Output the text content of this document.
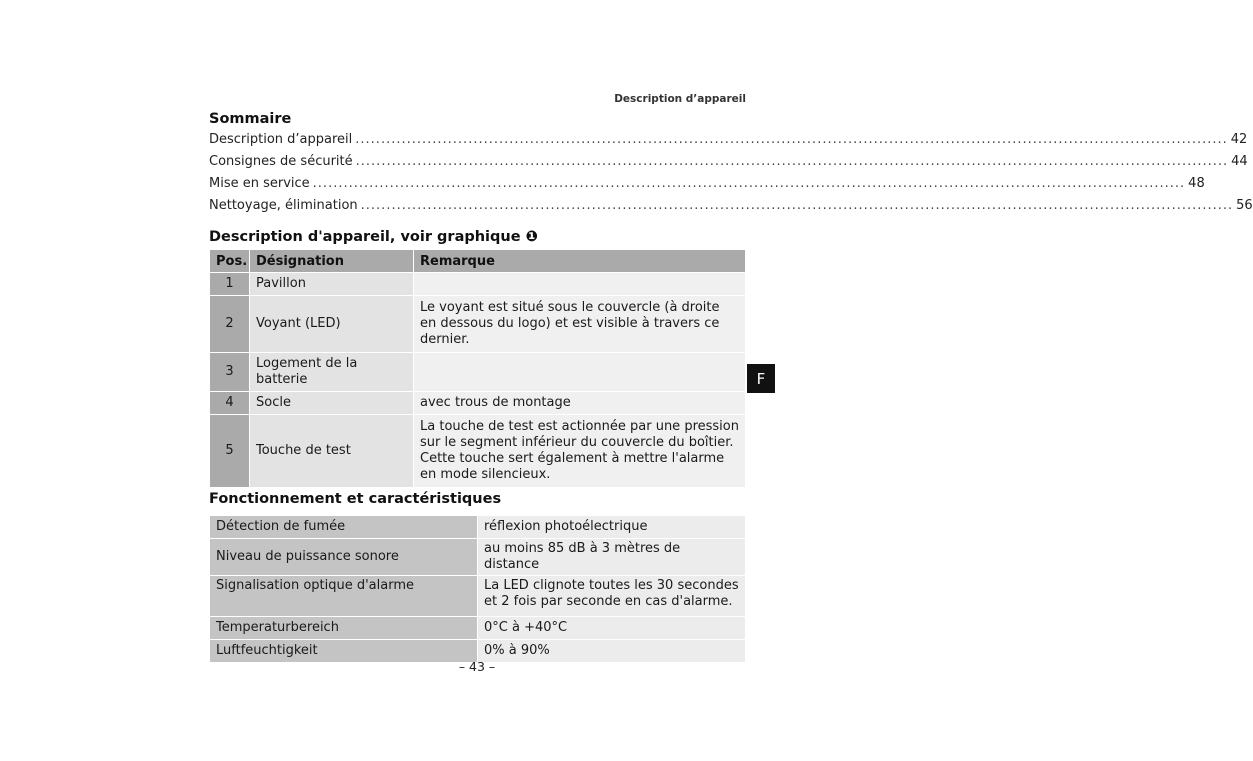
Description d’appareil
Sommaire
Description d’appareil .......................................................................................................................................................................... 42
Consignes de sécurité .......................................................................................................................................................................... 44
Mise en service .......................................................................................................................................................................... 48
Nettoyage, élimination .......................................................................................................................................................................... 56
Description d'appareil, voir graphique ❶
Pos.	Désignation	Remarque
1	Pavillon	
2	Voyant (LED)	Le voyant est situé sous le couvercle (à droite en dessous du logo) et est visible à travers ce dernier.
3	Logement de la batterie	
4	Socle	avec trous de montage
5	Touche de test	La touche de test est actionnée par une pression sur le segment inférieur du couvercle du boîtier. Cette touche sert également à mettre l'alarme en mode silencieux.
Fonctionnement et caractéristiques
Détection de fumée	réflexion photoélectrique
Niveau de puissance sonore	au moins 85 dB à 3 mètres de distance
Signalisation optique d'alarme	La LED clignote toutes les 30 secondes et 2 fois par seconde en cas d'alarme.
Temperaturbereich	0°C à +40°C
Luftfeuchtigkeit	0% à 90%
F
– 43 –
